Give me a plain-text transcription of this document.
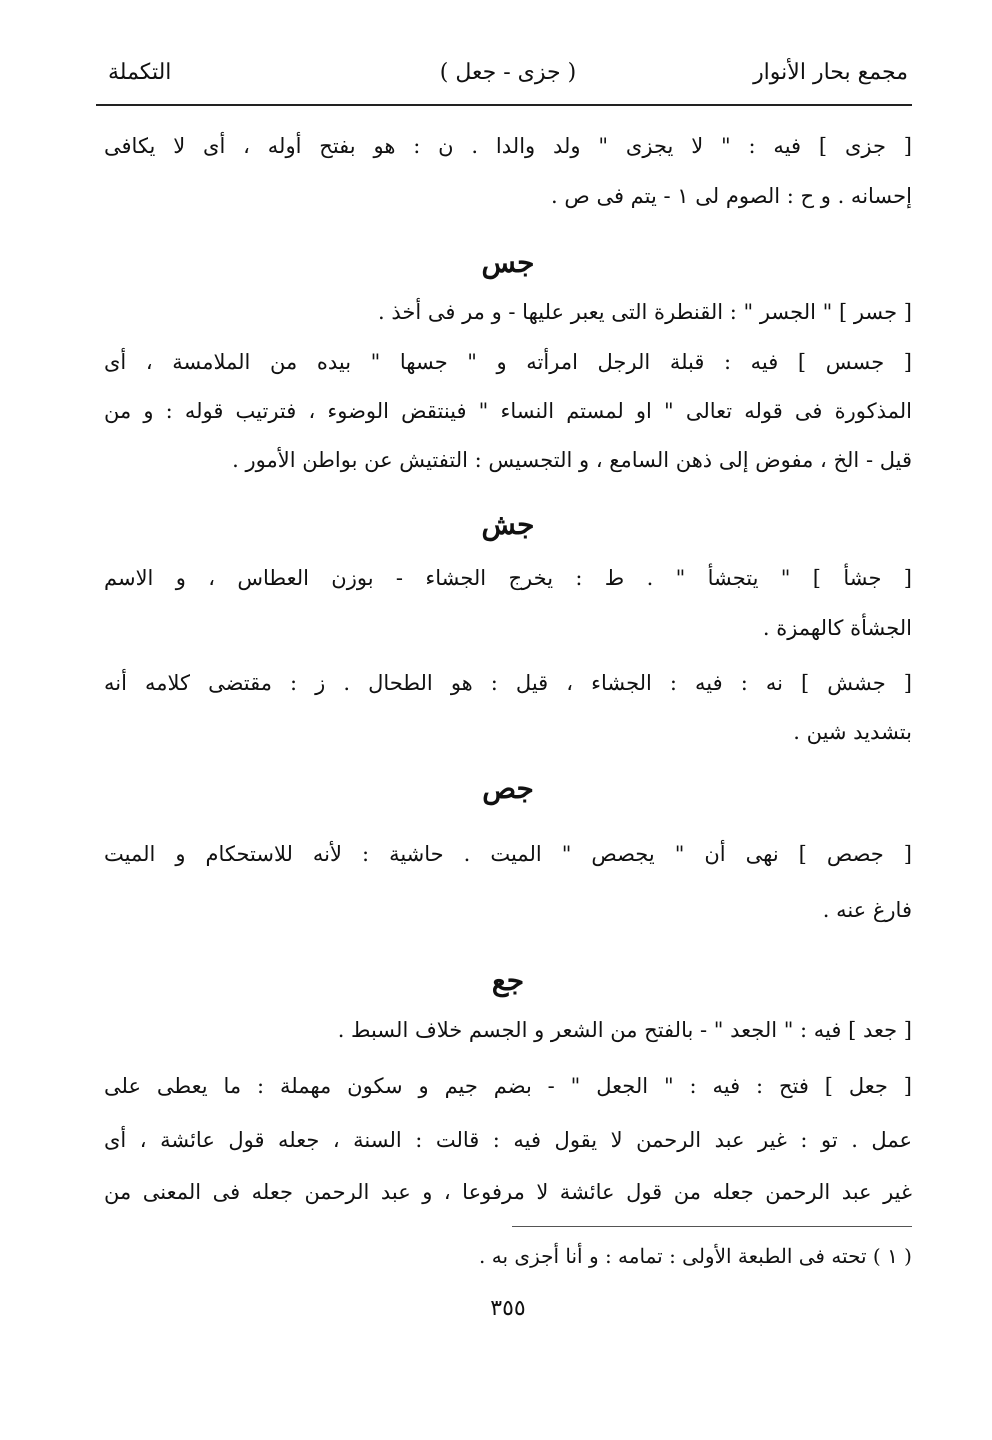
مجمع بحار الأنوار
( جزى - جعل )
التكملة
[ جزى ] فيه : " لا يجزى " ولد والدا . ن : هو بفتح أوله ، أى لا يكافى
إحسانه . و ح : الصوم لى ١ - يتم فى ص .
جس
[ جسر ] " الجسر " : القنطرة التى يعبر عليها - و مر فى أخذ .
[ جسس ] فيه : قبلة الرجل امرأته و " جسها " بيده من الملامسة ، أى
المذكورة فى قوله تعالى " او لمستم النساء " فينتقض الوضوء ، فترتيب قوله : و من
قيل - الخ ، مفوض إلى ذهن السامع ، و التجسيس : التفتيش عن بواطن الأمور .
جش
[ جشأ ] " يتجشأ " . ط : يخرج الجشاء - بوزن العطاس ، و الاسم
الجشأة كالهمزة .
[ جشش ] نه : فيه : الجشاء ، قيل : هو الطحال . ز : مقتضى كلامه أنه
بتشديد شين .
جص
[ جصص ] نهى أن " يجصص " الميت . حاشية : لأنه للاستحكام و الميت
فارغ عنه .
جع
[ جعد ] فيه : " الجعد " - بالفتح من الشعر و الجسم خلاف السبط .
[ جعل ] فتح : فيه : " الجعل " - بضم جيم و سكون مهملة : ما يعطى على
عمل . تو : غير عبد الرحمن لا يقول فيه : قالت : السنة ، جعله قول عائشة ، أى
غير عبد الرحمن جعله من قول عائشة لا مرفوعا ، و عبد الرحمن جعله فى المعنى من
( ١ ) تحته فى الطبعة الأولى : تمامه : و أنا أجزى به .
٣٥٥
